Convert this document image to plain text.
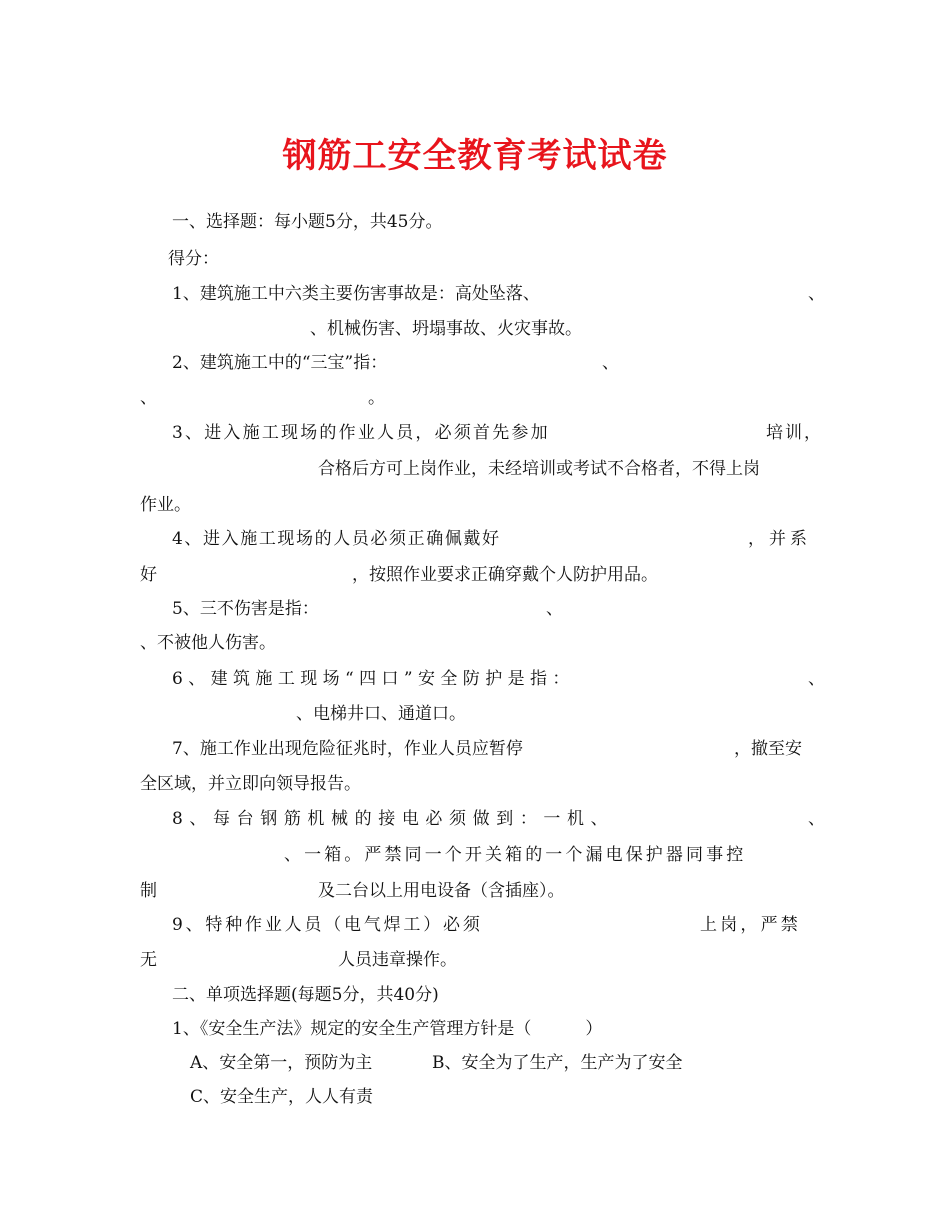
钢筋工安全教育考试试卷
一、选择题：每小题5分，共45分。
得分：
1、建筑施工中六类主要伤害事故是：高处坠落、	、
、机械伤害、坍塌事故、火灾事故。
2、建筑施工中的“三宝”指：	、
、	。
3、进入施工现场的作业人员，必须首先参加	培训，
合格后方可上岗作业，未经培训或考试不合格者，不得上岗
作业。
4、进入施工现场的人员必须正确佩戴好	，并系
好	，按照作业要求正确穿戴个人防护用品。
5、三不伤害是指：	、
、不被他人伤害。
6、建筑施工现场“四口”安全防护是指：	、
、电梯井口、通道口。
7、施工作业出现危险征兆时，作业人员应暂停	，撤至安
全区域，并立即向领导报告。
8、每台钢筋机械的接电必须做到：一机、	、
、一箱。严禁同一个开关箱的一个漏电保护器同事控
制	及二台以上用电设备（含插座）。
9、特种作业人员（电气焊工）必须	上岗，严禁
无	人员违章操作。
二、单项选择题(每题5分，共40分)
1、《安全生产法》规定的安全生产管理方针是（          ）
A、安全第一，预防为主	B、安全为了生产，生产为了安全
C、安全生产，人人有责
